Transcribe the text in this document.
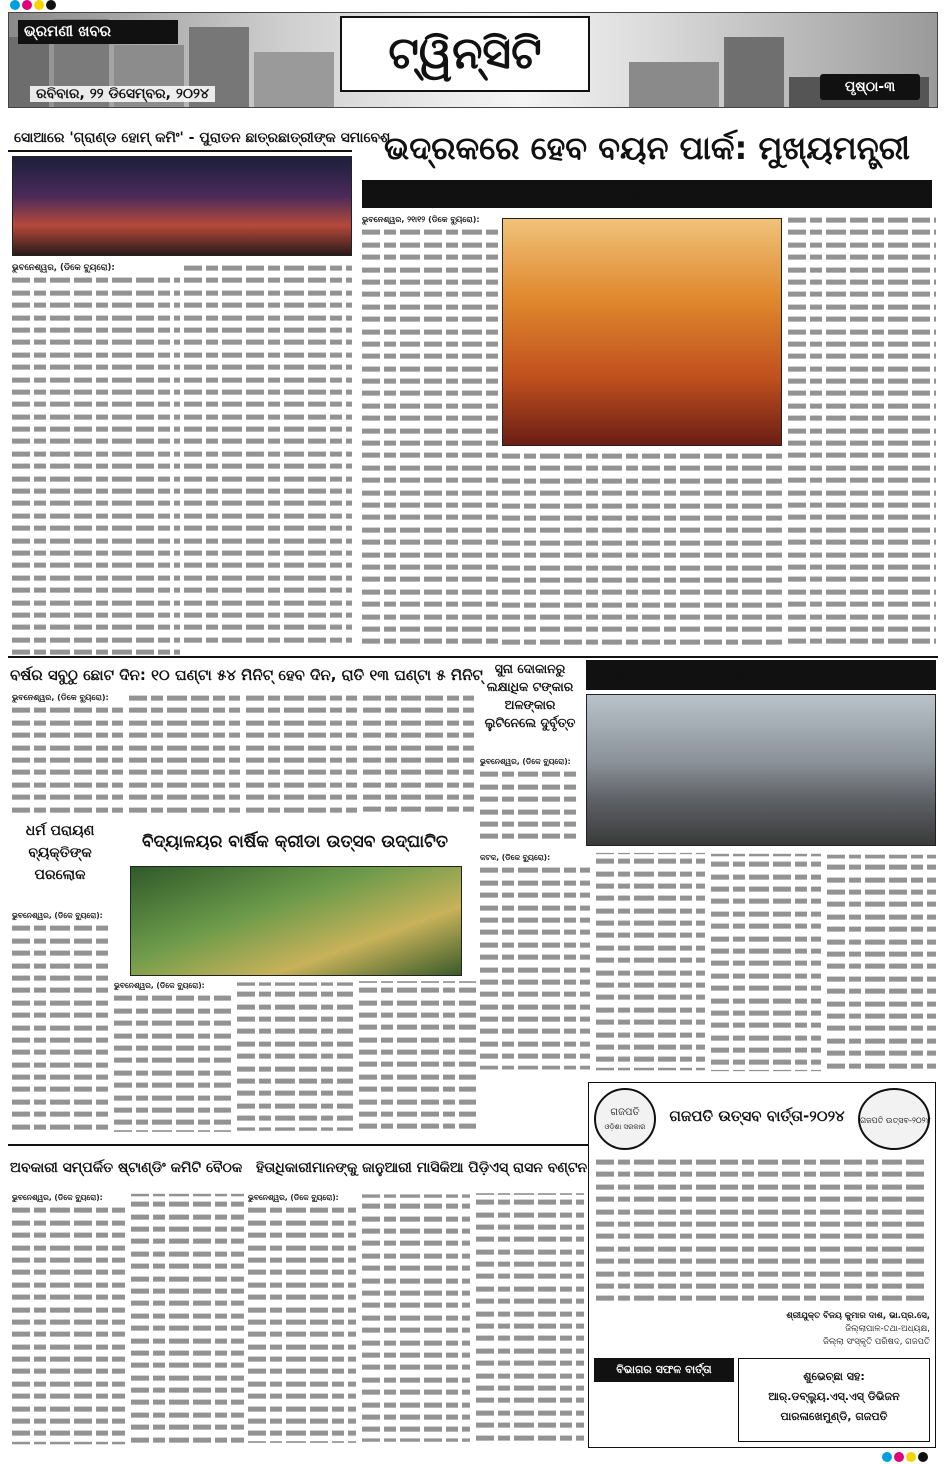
ଭ୍ରମଣୀ ଖବର	ଟ୍ୱିନ୍‌ସିଟି
ରବିବାର, ୨୨ ଡିସେମ୍ବର, ୨୦୨୪	ପୃଷ୍ଠା-୩
ସୋଆରେ 'ଗ୍ରାଣ୍ଡ ହୋମ୍ କମିଂ' - ପୁରାତନ ଛାତ୍ରଛାତ୍ରୀଙ୍କ ସମାବେଶ
ଭୁବନେଶ୍ୱର, (ଡିକେ ବ୍ୟୁରୋ):
ଭଦ୍ରକରେ ହେବ ବୟନ ପାର୍କ: ମୁଖ୍ୟମନ୍ତ୍ରୀ
ପ୍ରଧାନମନ୍ତ୍ରୀ ଓ ମୁଖ୍ୟମନ୍ତ୍ରୀଙ୍କୁ ଧନ୍ୟବାଦ ଦେଲେ ସୂର୍ଯ୍ୟବଂଶୀ ସୂରଜ
ଭୁବନେଶ୍ୱର, ୨୧ା୧୨ (ଡିକେ ବ୍ୟୁରୋ):
ବର୍ଷର ସବୁଠୁ ଛୋଟ ଦିନ: ୧୦ ଘଣ୍ଟା ୫୪ ମିନିଟ୍ ହେବ ଦିନ, ରାତି ୧୩ ଘଣ୍ଟା ୫ ମିନିଟ୍
ଭୁବନେଶ୍ୱର, (ଡିକେ ବ୍ୟୁରୋ):
ସୁନା ଦୋକାନରୁ ଲକ୍ଷାଧିକ ଟଙ୍କାର ଅଳଙ୍କାର ଲୁଟିନେଲେ ଦୁର୍ବୃତ୍ତ
ଭୁବନେଶ୍ୱର, (ଡିକେ ବ୍ୟୁରୋ):
ଶୀତ ସକାଳରେ ମନୋରଞ୍ଜନ କରିବ 'କଟକ ପଥୋତ୍ସବ'
ଧର୍ମ ପରାୟଣ ବ୍ୟକ୍ତିଙ୍କ ପରଲୋକ
ଭୁବନେଶ୍ୱର, (ଡିକେ ବ୍ୟୁରୋ):
ବିଦ୍ୟାଳୟର ବାର୍ଷିକ କ୍ରୀଡା ଉତ୍ସବ ଉଦ୍‌ଘାଟିତ
ଭୁବନେଶ୍ୱର, (ଡିକେ ବ୍ୟୁରୋ):
କଟକ, (ଡିକେ ବ୍ୟୁରୋ):
ଅବକାରୀ ସମ୍ପର୍କିତ ଷ୍ଟାଣ୍ଡିଂ କମିଟି ବୈଠକ
ଭୁବନେଶ୍ୱର, (ଡିକେ ବ୍ୟୁରୋ):
ହିତାଧିକାରୀମାନଙ୍କୁ ଜାନୁଆରୀ ମାସିକିଆ ପିଡ଼ିଏସ୍ ରାସନ ବଣ୍ଟନ
ଭୁବନେଶ୍ୱର, (ଡିକେ ବ୍ୟୁରୋ):
ଗଜପତି
ଓଡ଼ିଶା ସରକାର
ଗଜପତି ଉତ୍ସବ ବାର୍ତ୍ତା-୨୦୨୪	ଗଜପତି ଉତ୍ସବ-୨୦୨୪
ଶ୍ରୀଯୁକ୍ତ ବିଜୟ କୁମାର ଦାଶ, ଭା.ପ୍ର.ସେ,
ଜିଲ୍ଲାପାଳ-ତଥା-ଅଧ୍ୟକ୍ଷ,
ଜିଲ୍ଲା ସଂସ୍କୃତି ପରିଷଦ, ଗଜପତି
ବିଭାଗର ସଫଳ ବାର୍ତ୍ତା
ଶୁଭେଚ୍ଛା ସହ:
ଆର୍.ଡବ୍ଲ୍ୟୁ.ଏସ୍.ଏସ୍ ଡିଭିଜନ
ପାରଳାଖେମୁଣ୍ଡି, ଗଜପତି
